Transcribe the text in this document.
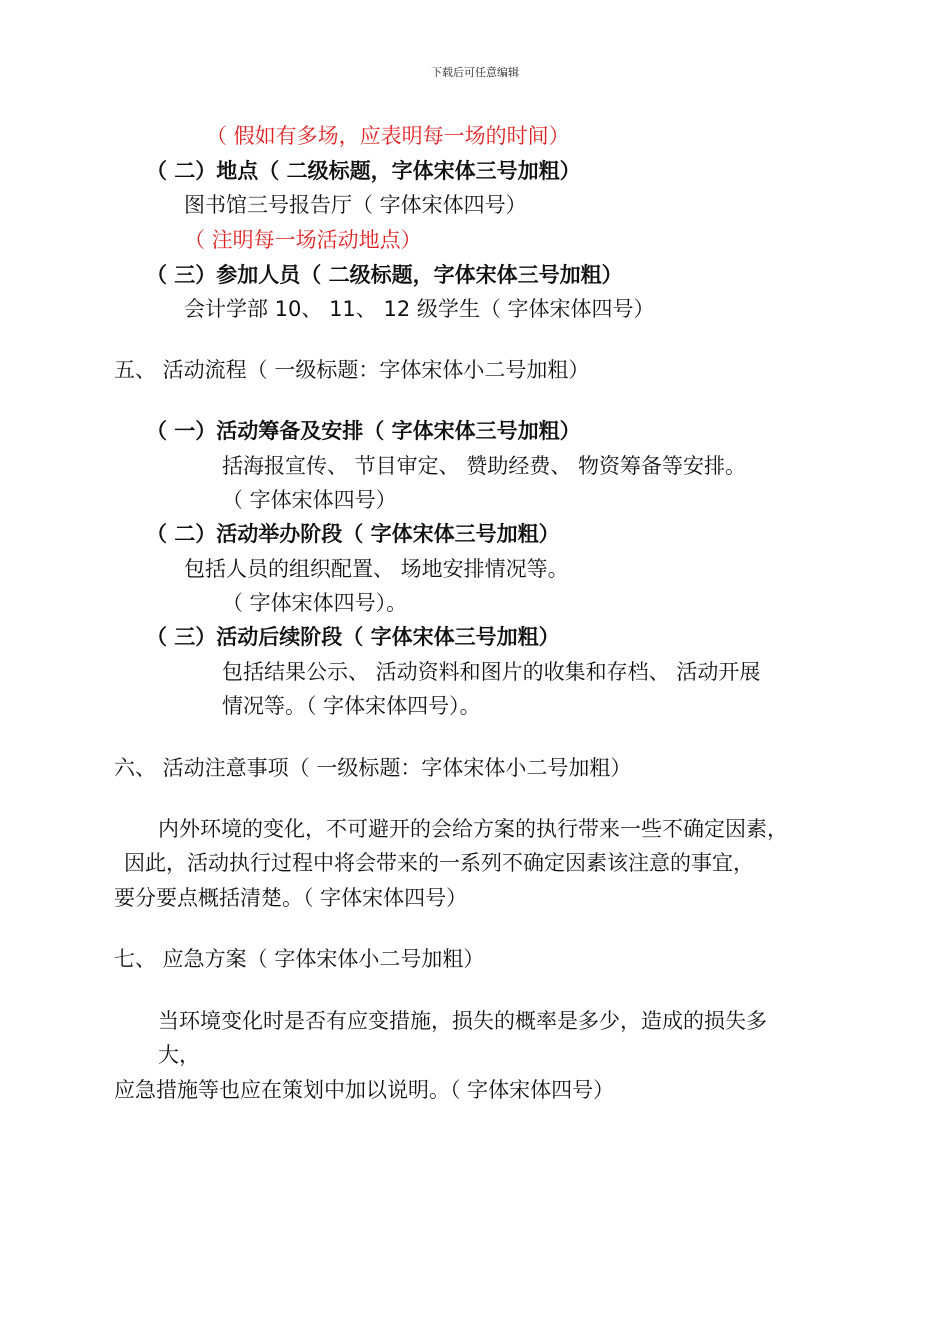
下载后可任意编辑
（ 假如有多场，应表明每一场的时间）
（ 二）地点（ 二级标题，字体宋体三号加粗）
图书馆三号报告厅（ 字体宋体四号）
（ 注明每一场活动地点）
（ 三）参加人员（ 二级标题，字体宋体三号加粗）
会计学部 10、 11、 12 级学生（ 字体宋体四号）
五、 活动流程（ 一级标题：字体宋体小二号加粗）
（ 一）活动筹备及安排（ 字体宋体三号加粗）
括海报宣传、 节目审定、 赞助经费、 物资筹备等安排。
（ 字体宋体四号）
（ 二）活动举办阶段（ 字体宋体三号加粗）
包括人员的组织配置、 场地安排情况等。
（ 字体宋体四号）。
（ 三）活动后续阶段（ 字体宋体三号加粗）
包括结果公示、 活动资料和图片的收集和存档、 活动开展
情况等。（ 字体宋体四号）。
六、 活动注意事项（ 一级标题：字体宋体小二号加粗）
内外环境的变化，不可避开的会给方案的执行带来一些不确定因素，
因此，活动执行过程中将会带来的一系列不确定因素该注意的事宜，
要分要点概括清楚。（ 字体宋体四号）
七、 应急方案（ 字体宋体小二号加粗）
当环境变化时是否有应变措施，损失的概率是多少，造成的损失多
大，
应急措施等也应在策划中加以说明。（ 字体宋体四号）
